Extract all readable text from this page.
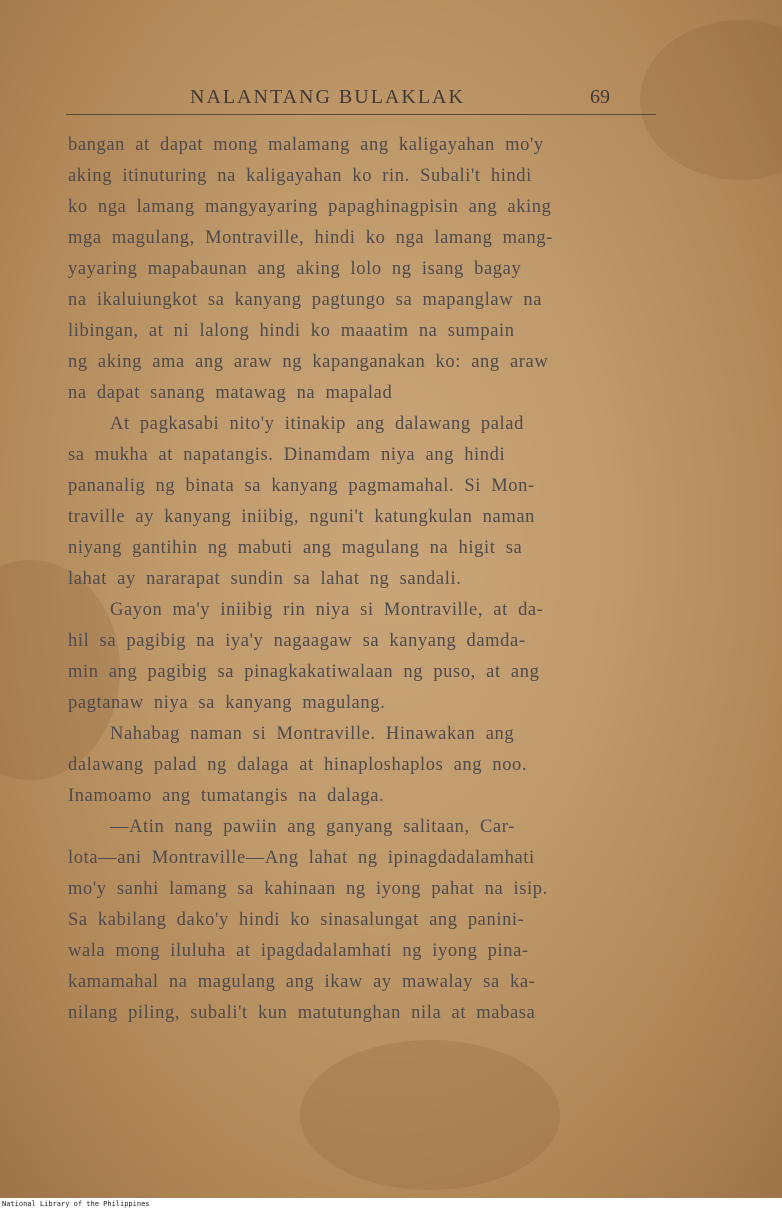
NALANTANG BULAKLAK	69
bangan at dapat mong malamang ang kaligayahan mo'y
aking itinuturing na kaligayahan ko rin. Subali't hindi
ko nga lamang mangyayaring papaghinagpisin ang aking
mga magulang, Montraville, hindi ko nga lamang mang-
yayaring mapabaunan ang aking lolo ng isang bagay
na ikaluiungkot sa kanyang pagtungo sa mapanglaw na
libingan, at ni lalong hindi ko maaatim na sumpain
ng aking ama ang araw ng kapanganakan ko: ang araw
na dapat sanang matawag na mapalad
At pagkasabi nito'y itinakip ang dalawang palad
sa mukha at napatangis. Dinamdam niya ang hindi
pananalig ng binata sa kanyang pagmamahal. Si Mon-
traville ay kanyang iniibig, nguni't katungkulan naman
niyang gantihin ng mabuti ang magulang na higit sa
lahat ay nararapat sundin sa lahat ng sandali.
Gayon ma'y iniibig rin niya si Montraville, at da-
hil sa pagibig na iya'y nagaagaw sa kanyang damda-
min ang pagibig sa pinagkakatiwalaan ng puso, at ang
pagtanaw niya sa kanyang magulang.
Nahabag naman si Montraville. Hinawakan ang
dalawang palad ng dalaga at hinaploshaplos ang noo.
Inamoamo ang tumatangis na dalaga.
—Atin nang pawiin ang ganyang salitaan, Car-
lota—ani Montraville—Ang lahat ng ipinagdadalamhati
mo'y sanhi lamang sa kahinaan ng iyong pahat na isip.
Sa kabilang dako'y hindi ko sinasalungat ang panini-
wala mong iluluha at ipagdadalamhati ng iyong pina-
kamamahal na magulang ang ikaw ay mawalay sa ka-
nilang piling, subali't kun matutunghan nila at mabasa
National Library of the Philippines
